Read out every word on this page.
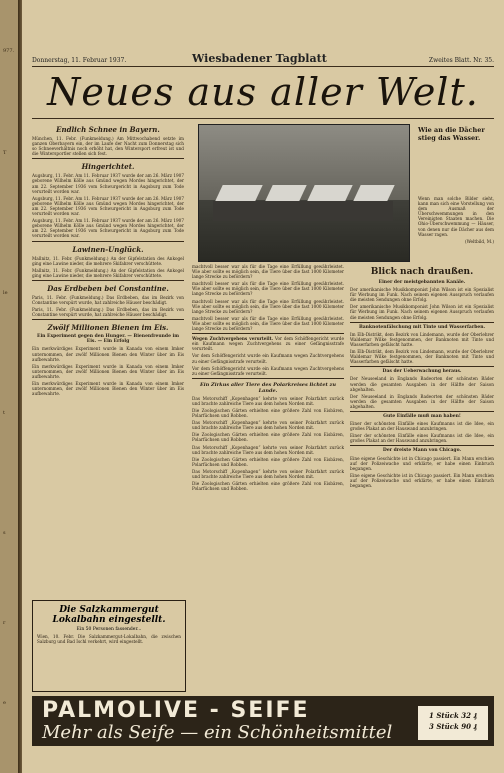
977.
T
le
t
s
r
e
Donnerstag, 11. Februar 1937.	Wiesbadener Tagblatt	Zweites Blatt. Nr. 35.
Neues aus aller Welt.
Endlich Schnee in Bayern.

München, 11. Febr. (Funkmeldung.) Am Mittwochabend setzte im ganzen Oberbayern ein, der im Laufe der Nacht zum Donnerstag sich so Schneeverhältnis noch erhöht hat, den Wintersport erfreut ist und die Wintersportler stellen sich fest.

Hingerichtet.

Augsburg, 11. Febr. Am 11. Februar 1937 wurde der am 26. März 1907 geborene Wilhelm Kölle aus Gmünd wegen Mordes hingerichtet, der am 22. September 1936 vom Schwurgericht in Augsburg zum Tode verurteilt worden war.

Augsburg, 11. Febr. Am 11. Februar 1937 wurde der am 26. März 1907 geborene Wilhelm Kölle aus Gmünd wegen Mordes hingerichtet, der am 22. September 1936 vom Schwurgericht in Augsburg zum Tode verurteilt worden war.

Augsburg, 11. Febr. Am 11. Februar 1937 wurde der am 26. März 1907 geborene Wilhelm Kölle aus Gmünd wegen Mordes hingerichtet, der am 22. September 1936 vom Schwurgericht in Augsburg zum Tode verurteilt worden war.

Lawinen-Unglück.

Mallnitz, 11. Febr. (Funkmeldung.) An der Gipfelstation des Ankogel ging eine Lawine nieder, die mehrere Skifahrer verschüttete.

Mallnitz, 11. Febr. (Funkmeldung.) An der Gipfelstation des Ankogel ging eine Lawine nieder, die mehrere Skifahrer verschüttete.

Das Erdbeben bei Constantine.

Paris, 11. Febr. (Funkmeldung.) Das Erdbeben, das im Bezirk von Constantine verspürt wurde, hat zahlreiche Häuser beschädigt.

Paris, 11. Febr. (Funkmeldung.) Das Erdbeben, das im Bezirk von Constantine verspürt wurde, hat zahlreiche Häuser beschädigt.

Zwölf Millionen Bienen im Eis.
Ein Experiment gegen den Hunger. — Bienenfreunde im Eis. — Ein Erfolg

Ein merkwürdiges Experiment wurde in Kanada von einem Imker unternommen, der zwölf Millionen Bienen den Winter über im Eis aufbewahrte.

Ein merkwürdiges Experiment wurde in Kanada von einem Imker unternommen, der zwölf Millionen Bienen den Winter über im Eis aufbewahrte.

Ein merkwürdiges Experiment wurde in Kanada von einem Imker unternommen, der zwölf Millionen Bienen den Winter über im Eis aufbewahrte.

Die Salzkammergut
Lokalbahn eingestellt.
Ein 50 Personen fassender...
Wien, 10. Febr. Die Salzkammergut-Lokalbahn, die zwischen Salzburg und Bad Ischl verkehrt, wird eingestellt.
Wie an die Dächer stieg das Wasser.
Wenn man solche Bilder sieht, kann man sich eine Vorstellung von dem Ausmaß der Überschwemmungen in den Vereinigten Staaten machen. Die Ohio-Überschwemmung — Häuser, von denen nur die Dächer aus dem Wasser ragen.
(Weltbild, M.)

machtvoll besser war als für die Tage eine Erfüllung gewährleistet. Wie aber sollte es möglich sein, die Tiere über die fast 1000 Kilometer lange Strecke zu befördern?

machtvoll besser war als für die Tage eine Erfüllung gewährleistet. Wie aber sollte es möglich sein, die Tiere über die fast 1000 Kilometer lange Strecke zu befördern?

machtvoll besser war als für die Tage eine Erfüllung gewährleistet. Wie aber sollte es möglich sein, die Tiere über die fast 1000 Kilometer lange Strecke zu befördern?

machtvoll besser war als für die Tage eine Erfüllung gewährleistet. Wie aber sollte es möglich sein, die Tiere über die fast 1000 Kilometer lange Strecke zu befördern?

Wegen Zuchtvergehens verurteilt. Vor dem Schöffengericht wurde ein Kaufmann wegen Zuchtvergehens zu einer Gefängnisstrafe verurteilt.

Vor dem Schöffengericht wurde ein Kaufmann wegen Zuchtvergehens zu einer Gefängnisstrafe verurteilt.

Vor dem Schöffengericht wurde ein Kaufmann wegen Zuchtvergehens zu einer Gefängnisstrafe verurteilt.

Ein Zirkus aller Tiere des Polarkreises lichtet zu Lande.

Das Motorschiff „Kopenhagen“ kehrte von seiner Polarfahrt zurück und brachte zahlreiche Tiere aus dem hohen Norden mit.

Die Zoologischen Gärten erhielten eine größere Zahl von Eisbären, Polarfüchsen und Robben.

Das Motorschiff „Kopenhagen“ kehrte von seiner Polarfahrt zurück und brachte zahlreiche Tiere aus dem hohen Norden mit.

Die Zoologischen Gärten erhielten eine größere Zahl von Eisbären, Polarfüchsen und Robben.

Das Motorschiff „Kopenhagen“ kehrte von seiner Polarfahrt zurück und brachte zahlreiche Tiere aus dem hohen Norden mit.

Die Zoologischen Gärten erhielten eine größere Zahl von Eisbären, Polarfüchsen und Robben.

Das Motorschiff „Kopenhagen“ kehrte von seiner Polarfahrt zurück und brachte zahlreiche Tiere aus dem hohen Norden mit.

Die Zoologischen Gärten erhielten eine größere Zahl von Eisbären, Polarfüchsen und Robben.

Blick nach draußen.
Einer der meistgebannten Kanäle.

Der amerikanische Musikkomponist John Wilson ist ein Spezialist für Werbung im Funk. Nach seinem eigenen Ausspruch verlaufen die meisten Sendungen ohne Erfolg.

Der amerikanische Musikkomponist John Wilson ist ein Spezialist für Werbung im Funk. Nach seinem eigenen Ausspruch verlaufen die meisten Sendungen ohne Erfolg.

Banknotenfälschung mit Tinte und Wasserfarben.

Im Elb-Distrikt, dem Bezirk von Lindemann, wurde der Oberlehrer Waldemar Wilke festgenommen, der Banknoten mit Tinte und Wasserfarben gefälscht hatte.

Im Elb-Distrikt, dem Bezirk von Lindemann, wurde der Oberlehrer Waldemar Wilke festgenommen, der Banknoten mit Tinte und Wasserfarben gefälscht hatte.

Das der Ueberwachung heraus.

Der Neuseeland in Englands Badeorten der schönsten Bäder werden die gesamten Ausgaben in der Hälfte der Saison abgehalten.

Der Neuseeland in Englands Badeorten der schönsten Bäder werden die gesamten Ausgaben in der Hälfte der Saison abgehalten.

Gute Einfälle muß man haben!

Einer der schönsten Einfälle eines Kaufmanns ist die Idee, ein großes Plakat an der Hauswand anzubringen.

Einer der schönsten Einfälle eines Kaufmanns ist die Idee, ein großes Plakat an der Hauswand anzubringen.

Der dreiste Mann von Chicago.

Eine eigene Geschichte ist in Chicago passiert. Ein Mann erschien auf der Polizeiwache und erklärte, er habe einen Einbruch begangen.

Eine eigene Geschichte ist in Chicago passiert. Ein Mann erschien auf der Polizeiwache und erklärte, er habe einen Einbruch begangen.

PALMOLIVE - SEIFE
Mehr als Seife — ein Schönheitsmittel
1 Stück 32 ₰
3 Stück 90 ₰
